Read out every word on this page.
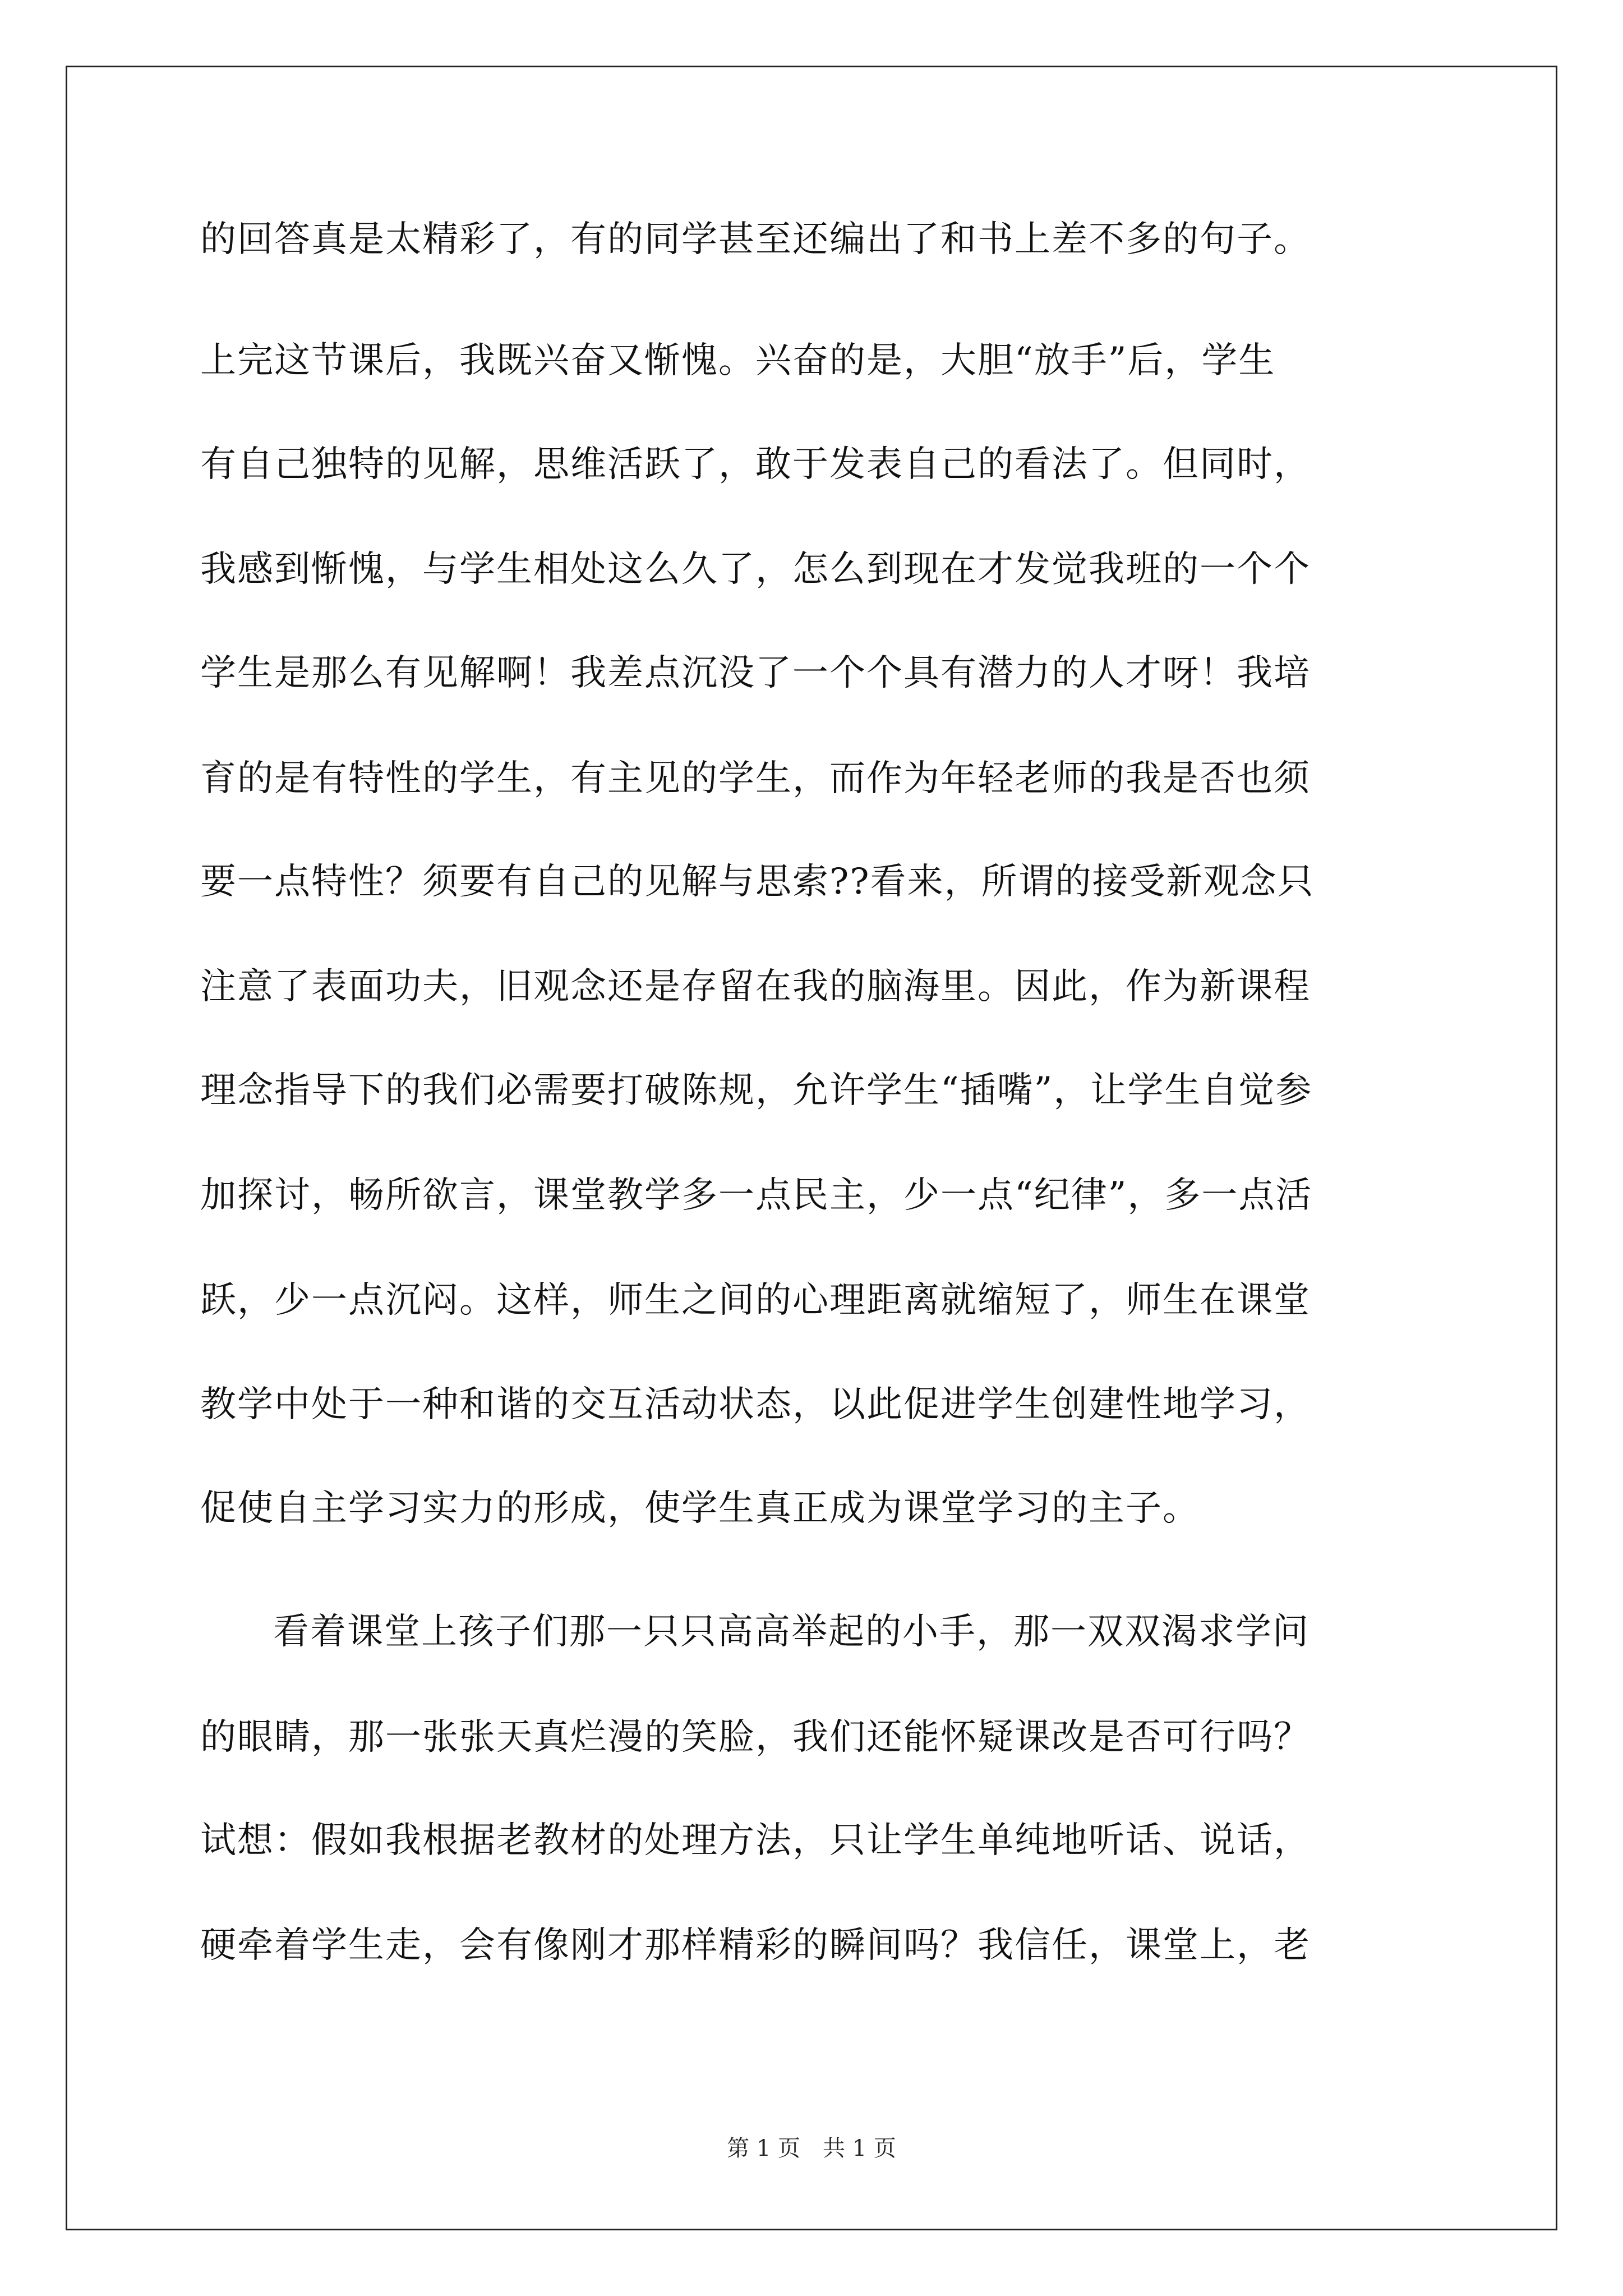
的回答真是太精彩了，有的同学甚至还编出了和书上差不多的句子。
上完这节课后，我既兴奋又惭愧。兴奋的是，大胆“放手”后，学生
有自己独特的见解，思维活跃了，敢于发表自己的看法了。但同时，
我感到惭愧，与学生相处这么久了，怎么到现在才发觉我班的一个个
学生是那么有见解啊！我差点沉没了一个个具有潜力的人才呀！我培
育的是有特性的学生，有主见的学生，而作为年轻老师的我是否也须
要一点特性？须要有自己的见解与思索??看来，所谓的接受新观念只
注意了表面功夫，旧观念还是存留在我的脑海里。因此，作为新课程
理念指导下的我们必需要打破陈规，允许学生“插嘴”，让学生自觉参
加探讨，畅所欲言，课堂教学多一点民主，少一点“纪律”，多一点活
跃，少一点沉闷。这样，师生之间的心理距离就缩短了，师生在课堂
教学中处于一种和谐的交互活动状态，以此促进学生创建性地学习，
促使自主学习实力的形成，使学生真正成为课堂学习的主子。
看着课堂上孩子们那一只只高高举起的小手，那一双双渴求学问
的眼睛，那一张张天真烂漫的笑脸，我们还能怀疑课改是否可行吗？
试想：假如我根据老教材的处理方法，只让学生单纯地听话、说话，
硬牵着学生走，会有像刚才那样精彩的瞬间吗？我信任，课堂上，老
第 1 页 共 1 页
